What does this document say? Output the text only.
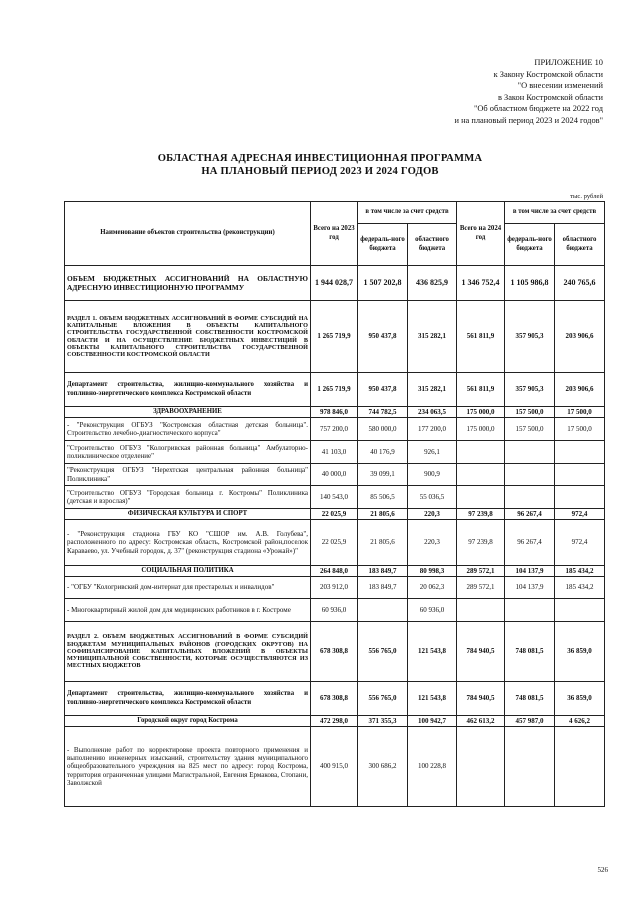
ПРИЛОЖЕНИЕ 10
к Закону Костромской области
"О внесении изменений
в Закон Костромской области
"Об областном бюджете на 2022 год
и на плановый период 2023 и 2024 годов"
ОБЛАСТНАЯ АДРЕСНАЯ ИНВЕСТИЦИОННАЯ ПРОГРАММА
НА ПЛАНОВЫЙ ПЕРИОД 2023 И 2024 ГОДОВ
тыс. рублей
Наименование объектов строительства (реконструкции)	Всего на 2023 год	в том числе за счет средств		Всего на 2024 год	в том числе за счет средств	
		федераль-ного бюджета	областного бюджета		федераль-ного бюджета	областного бюджета
ОБЪЕМ БЮДЖЕТНЫХ АССИГНОВАНИЙ НА ОБЛАСТНУЮ АДРЕСНУЮ ИНВЕСТИЦИОННУЮ ПРОГРАММУ	1 944 028,7	1 507 202,8	436 825,9	1 346 752,4	1 105 986,8	240 765,6
РАЗДЕЛ 1. ОБЪЕМ БЮДЖЕТНЫХ АССИГНОВАНИЙ В ФОРМЕ СУБСИДИЙ НА КАПИТАЛЬНЫЕ ВЛОЖЕНИЯ В ОБЪЕКТЫ КАПИТАЛЬНОГО СТРОИТЕЛЬСТВА ГОСУДАРСТВЕННОЙ СОБСТВЕННОСТИ КОСТРОМСКОЙ ОБЛАСТИ И НА ОСУЩЕСТВЛЕНИЕ БЮДЖЕТНЫХ ИНВЕСТИЦИЙ В ОБЪЕКТЫ КАПИТАЛЬНОГО СТРОИТЕЛЬСТВА ГОСУДАРСТВЕННОЙ СОБСТВЕННОСТИ КОСТРОМСКОЙ ОБЛАСТИ	1 265 719,9	950 437,8	315 282,1	561 811,9	357 905,3	203 906,6
Департамент строительства, жилищно-коммунального хозяйства и топливно-энергетического комплекса Костромской области	1 265 719,9	950 437,8	315 282,1	561 811,9	357 905,3	203 906,6
ЗДРАВООХРАНЕНИЕ	978 846,0	744 782,5	234 063,5	175 000,0	157 500,0	17 500,0
- "Реконструкция ОГБУЗ "Костромская областная детская больница". Строительство лечебно-диагностического корпуса"	757 200,0	580 000,0	177 200,0	175 000,0	157 500,0	17 500,0
"Строительство ОГБУЗ "Кологривская районная больница" Амбулаторно-поликлиническое отделение"	41 103,0	40 176,9	926,1			
"Реконструкция ОГБУЗ "Нерехтская центральная районная больница" Поликлиника"	40 000,0	39 099,1	900,9			
"Строительство ОГБУЗ "Городская больница г. Костромы" Поликлиника (детская и взрослая)"	140 543,0	85 506,5	55 036,5			
ФИЗИЧЕСКАЯ КУЛЬТУРА И СПОРТ	22 025,9	21 805,6	220,3	97 239,8	96 267,4	972,4
- "Реконструкция стадиона ГБУ КО "СШОР им. А.В. Голубева", расположенного по адресу: Костромская область, Костромской район,поселок Караваево, ул. Учебный городок, д. 37" (реконструкция стадиона «Урожай»)"	22 025,9	21 805,6	220,3	97 239,8	96 267,4	972,4
СОЦИАЛЬНАЯ ПОЛИТИКА	264 848,0	183 849,7	80 998,3	289 572,1	104 137,9	185 434,2
- "ОГБУ "Кологривский дом-интернат для престарелых и инвалидов"	203 912,0	183 849,7	20 062,3	289 572,1	104 137,9	185 434,2
- Многоквартирный жилой дом для медицинских работников в г. Костроме	60 936,0		60 936,0			
РАЗДЕЛ 2. ОБЪЕМ БЮДЖЕТНЫХ АССИГНОВАНИЙ В ФОРМЕ СУБСИДИЙ БЮДЖЕТАМ МУНИЦИПАЛЬНЫХ РАЙОНОВ (ГОРОДСКИХ ОКРУГОВ) НА СОФИНАНСИРОВАНИЕ КАПИТАЛЬНЫХ ВЛОЖЕНИЙ В ОБЪЕКТЫ МУНИЦИПАЛЬНОЙ СОБСТВЕННОСТИ, КОТОРЫЕ ОСУЩЕСТВЛЯЮТСЯ ИЗ МЕСТНЫХ БЮДЖЕТОВ	678 308,8	556 765,0	121 543,8	784 940,5	748 081,5	36 859,0
Департамент строительства, жилищно-коммунального хозяйства и топливно-энергетического комплекса Костромской области	678 308,8	556 765,0	121 543,8	784 940,5	748 081,5	36 859,0
Городской округ город Кострома	472 298,0	371 355,3	100 942,7	462 613,2	457 987,0	4 626,2
- Выполнение работ по корректировке проекта повторного применения и выполнению инженерных изысканий, строительству здания муниципального общеобразовательного учреждения на 825 мест по адресу: город Кострома, территория ограниченная улицами Магистральной, Евгения Ермакова, Стопани, Заволжской	400 915,0	300 686,2	100 228,8			
526
